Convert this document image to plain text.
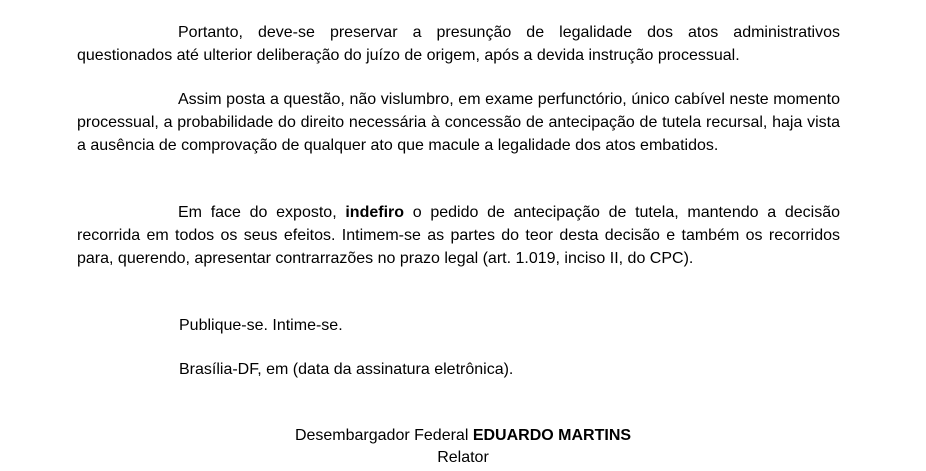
Portanto, deve-se preservar a presunção de legalidade dos atos administrativos questionados até ulterior deliberação do juízo de origem, após a devida instrução processual.

Assim posta a questão, não vislumbro, em exame perfunctório, único cabível neste momento processual, a probabilidade do direito necessária à concessão de antecipação de tutela recursal, haja vista a ausência de comprovação de qualquer ato que macule a legalidade dos atos embatidos.

Em face do exposto, indefiro o pedido de antecipação de tutela, mantendo a decisão recorrida em todos os seus efeitos. Intimem-se as partes do teor desta decisão e também os recorridos para, querendo, apresentar contrarrazões no prazo legal (art. 1.019, inciso II, do CPC).

Publique-se. Intime-se.

Brasília-DF, em (data da assinatura eletrônica).

Desembargador Federal EDUARDO MARTINS

Relator
